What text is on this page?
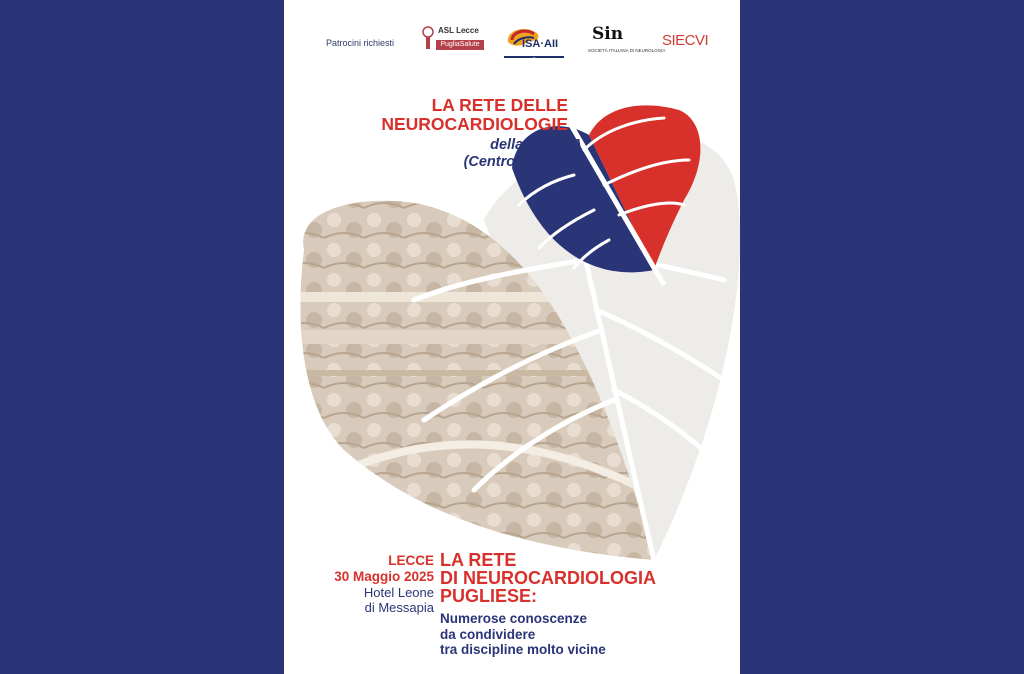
Patrocini richiesti
ASL Lecce
PugliaSalute	ISA·AII Sin
SOCIETÀ ITALIANA DI NEUROLOGIA
SIECVI
LA RETE DELLE
NEUROCARDIOLOGIE
della PUGLIA
(Centro di Lecce)
LECCE
30 Maggio 2025
Hotel Leone
di Messapia
LA RETE
DI NEUROCARDIOLOGIA
PUGLIESE:
Numerose conoscenze
da condividere
tra discipline molto vicine
